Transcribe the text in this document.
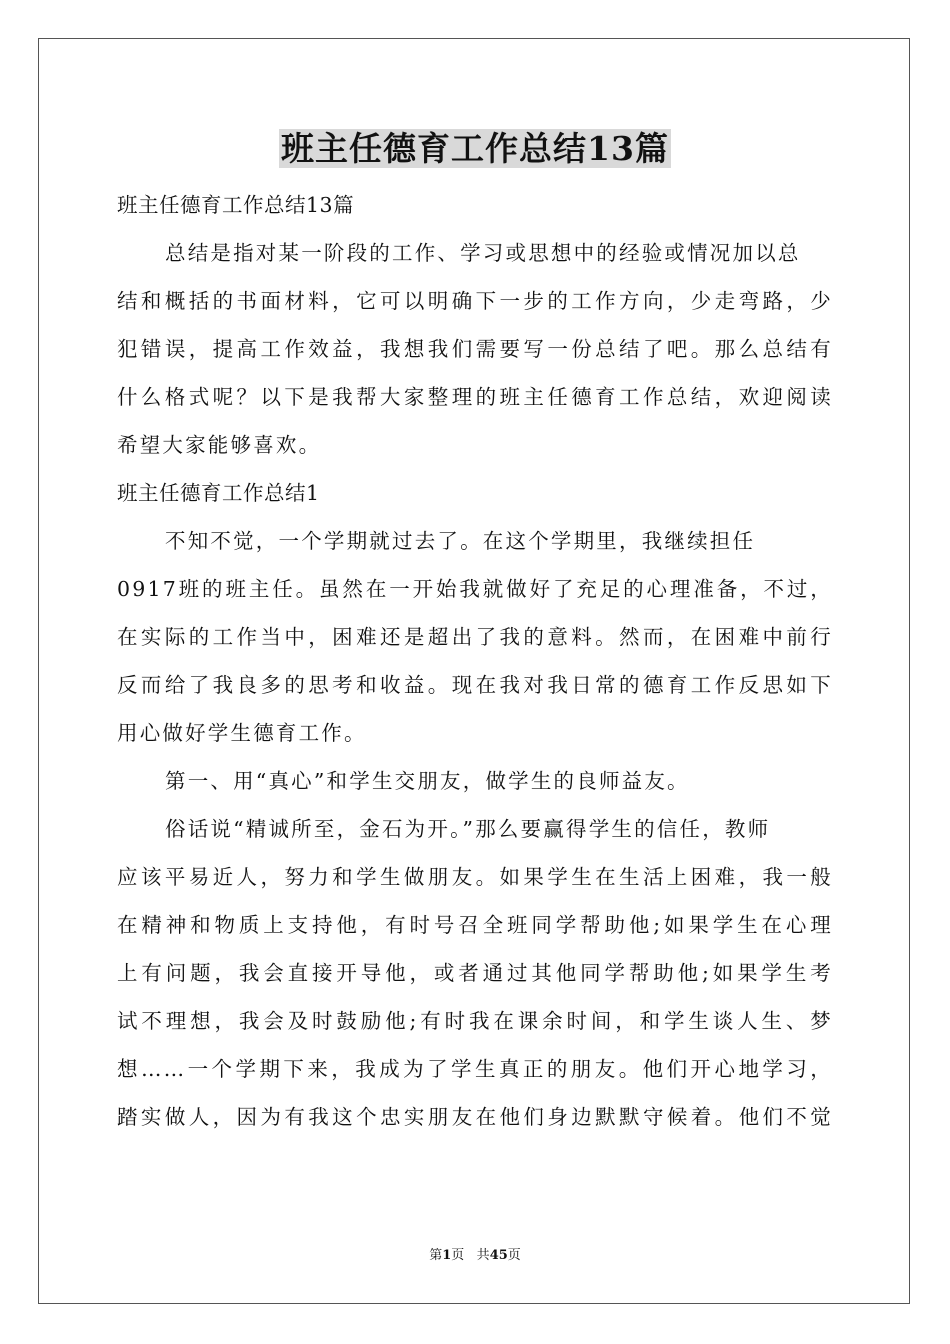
班主任德育工作总结13篇
班主任德育工作总结13篇
总结是指对某一阶段的工作、学习或思想中的经验或情况加以总
结和概括的书面材料，它可以明确下一步的工作方向，少走弯路，少
犯错误，提高工作效益，我想我们需要写一份总结了吧。那么总结有
什么格式呢？以下是我帮大家整理的班主任德育工作总结，欢迎阅读
希望大家能够喜欢。
班主任德育工作总结1
不知不觉，一个学期就过去了。在这个学期里，我继续担任
0917班的班主任。虽然在一开始我就做好了充足的心理准备，不过，
在实际的工作当中，困难还是超出了我的意料。然而，在困难中前行
反而给了我良多的思考和收益。现在我对我日常的德育工作反思如下
用心做好学生德育工作。
第一、用“真心”和学生交朋友，做学生的良师益友。
俗话说“精诚所至，金石为开。”那么要赢得学生的信任，教师
应该平易近人，努力和学生做朋友。如果学生在生活上困难，我一般
在精神和物质上支持他，有时号召全班同学帮助他;如果学生在心理
上有问题，我会直接开导他，或者通过其他同学帮助他;如果学生考
试不理想，我会及时鼓励他;有时我在课余时间，和学生谈人生、梦
想……一个学期下来，我成为了学生真正的朋友。他们开心地学习，
踏实做人，因为有我这个忠实朋友在他们身边默默守候着。他们不觉
第1页 共45页
